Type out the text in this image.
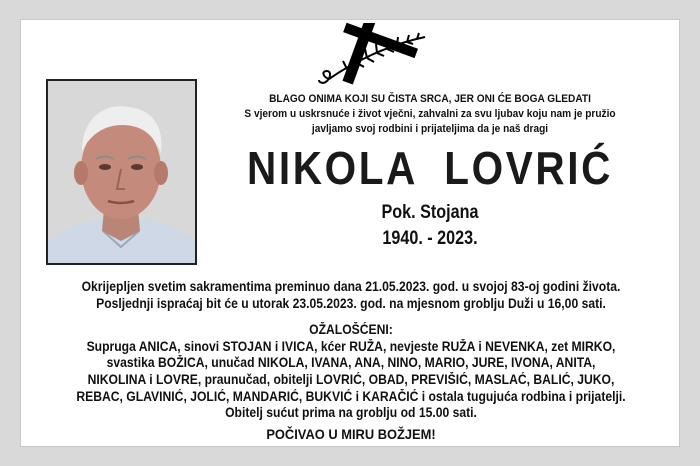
BLAGO ONIMA KOJI SU ČISTA SRCA, JER ONI ĆE BOGA GLEDATI
S vjerom u uskrsnuće i život vječni, zahvalni za svu ljubav koju nam je pružio
javljamo svoj rodbini i prijateljima da je naš dragi
NIKOLA  LOVRIĆ
Pok. Stojana
1940. - 2023.
Okrijepljen svetim sakramentima preminuo dana 21.05.2023. god. u svojoj 83-oj godini života.
Posljednji ispraćaj bit će u utorak 23.05.2023. god. na mjesnom groblju Duži u 16,00 sati.
OŽALOŠĆENI:
Supruga ANICA, sinovi STOJAN i IVICA, kćer RUŽA, nevjeste RUŽA i NEVENKA, zet MIRKO,
svastika BOŽICA, unučad NIKOLA, IVANA, ANA, NINO, MARIO, JURE, IVONA, ANITA,
NIKOLINA i LOVRE, praunučad, obitelji LOVRIĆ, OBAD, PREVIŠIĆ, MASLAĆ, BALIĆ, JUKO,
REBAC, GLAVINIĆ, JOLIĆ, MANDARIĆ, BUKVIĆ i KARAČIĆ i ostala tugujuća rodbina i prijatelji.
Obitelj sućut prima na groblju od 15.00 sati.
POČIVAO U MIRU BOŽJEM!
